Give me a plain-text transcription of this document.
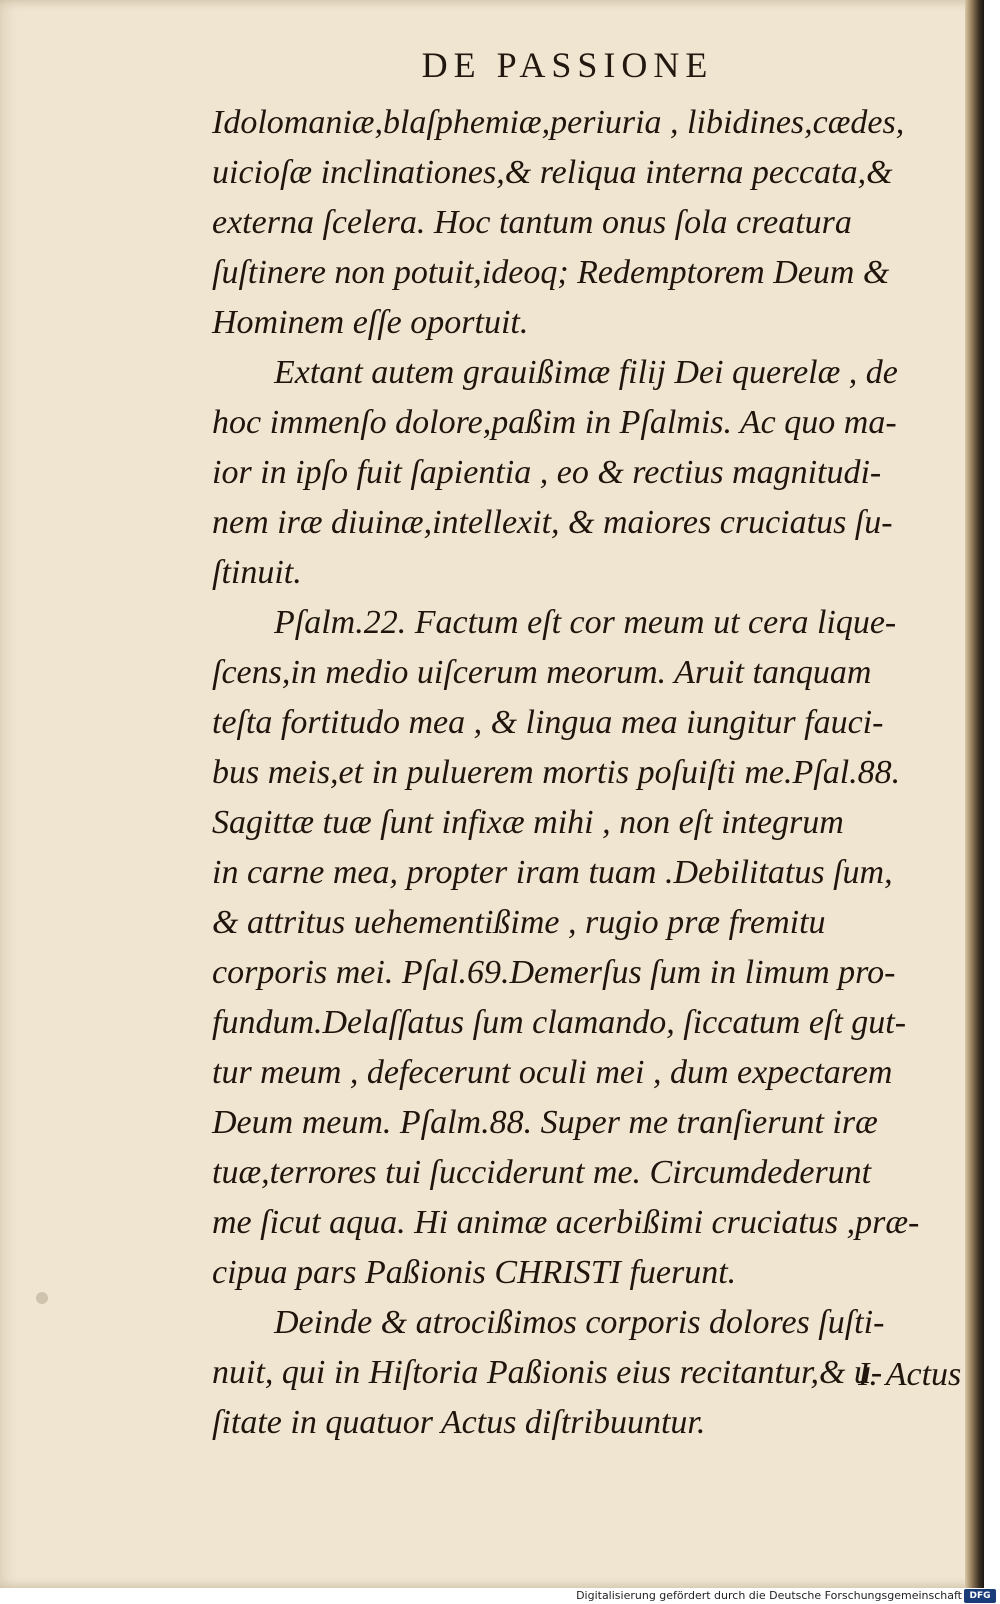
DE PASSIONE
Idolomaniæ,blaſphemiæ,periuria , libidines,cædes,
uicioſæ inclinationes,& reliqua interna peccata,&
externa ſcelera. Hoc tantum onus ſola creatura
ſuſtinere non potuit,ideoq; Redemptorem Deum &
Hominem eſſe oportuit.
Extant autem grauißimæ filij Dei querelæ , de
hoc immenſo dolore,paßim in Pſalmis. Ac quo ma-
ior in ipſo fuit ſapientia , eo & rectius magnitudi-
nem iræ diuinæ,intellexit, & maiores cruciatus ſu-
ſtinuit.
Pſalm.22. Factum eſt cor meum ut cera lique-
ſcens,in medio uiſcerum meorum. Aruit tanquam
teſta fortitudo mea , & lingua mea iungitur fauci-
bus meis,et in puluerem mortis poſuiſti me.Pſal.88.
Sagittæ tuæ ſunt infixæ mihi , non eſt integrum
in carne mea, propter iram tuam .Debilitatus ſum,
& attritus uehementißime , rugio præ fremitu
corporis mei. Pſal.69.Demerſus ſum in limum pro-
fundum.Delaſſatus ſum clamando, ſiccatum eſt gut-
tur meum , defecerunt oculi mei , dum expectarem
Deum meum. Pſalm.88. Super me tranſierunt iræ
tuæ,terrores tui ſucciderunt me. Circumdederunt
me ſicut aqua. Hi animæ acerbißimi cruciatus ,præ-
cipua pars Paßionis CHRISTI fuerunt.
Deinde & atrocißimos corporis dolores ſuſti-
nuit, qui in Hiſtoria Paßionis eius recitantur,& u-
ſitate in quatuor Actus diſtribuuntur.
I. Actus
Digitalisierung gefördert durch die Deutsche Forschungsgemeinschaft DFG
